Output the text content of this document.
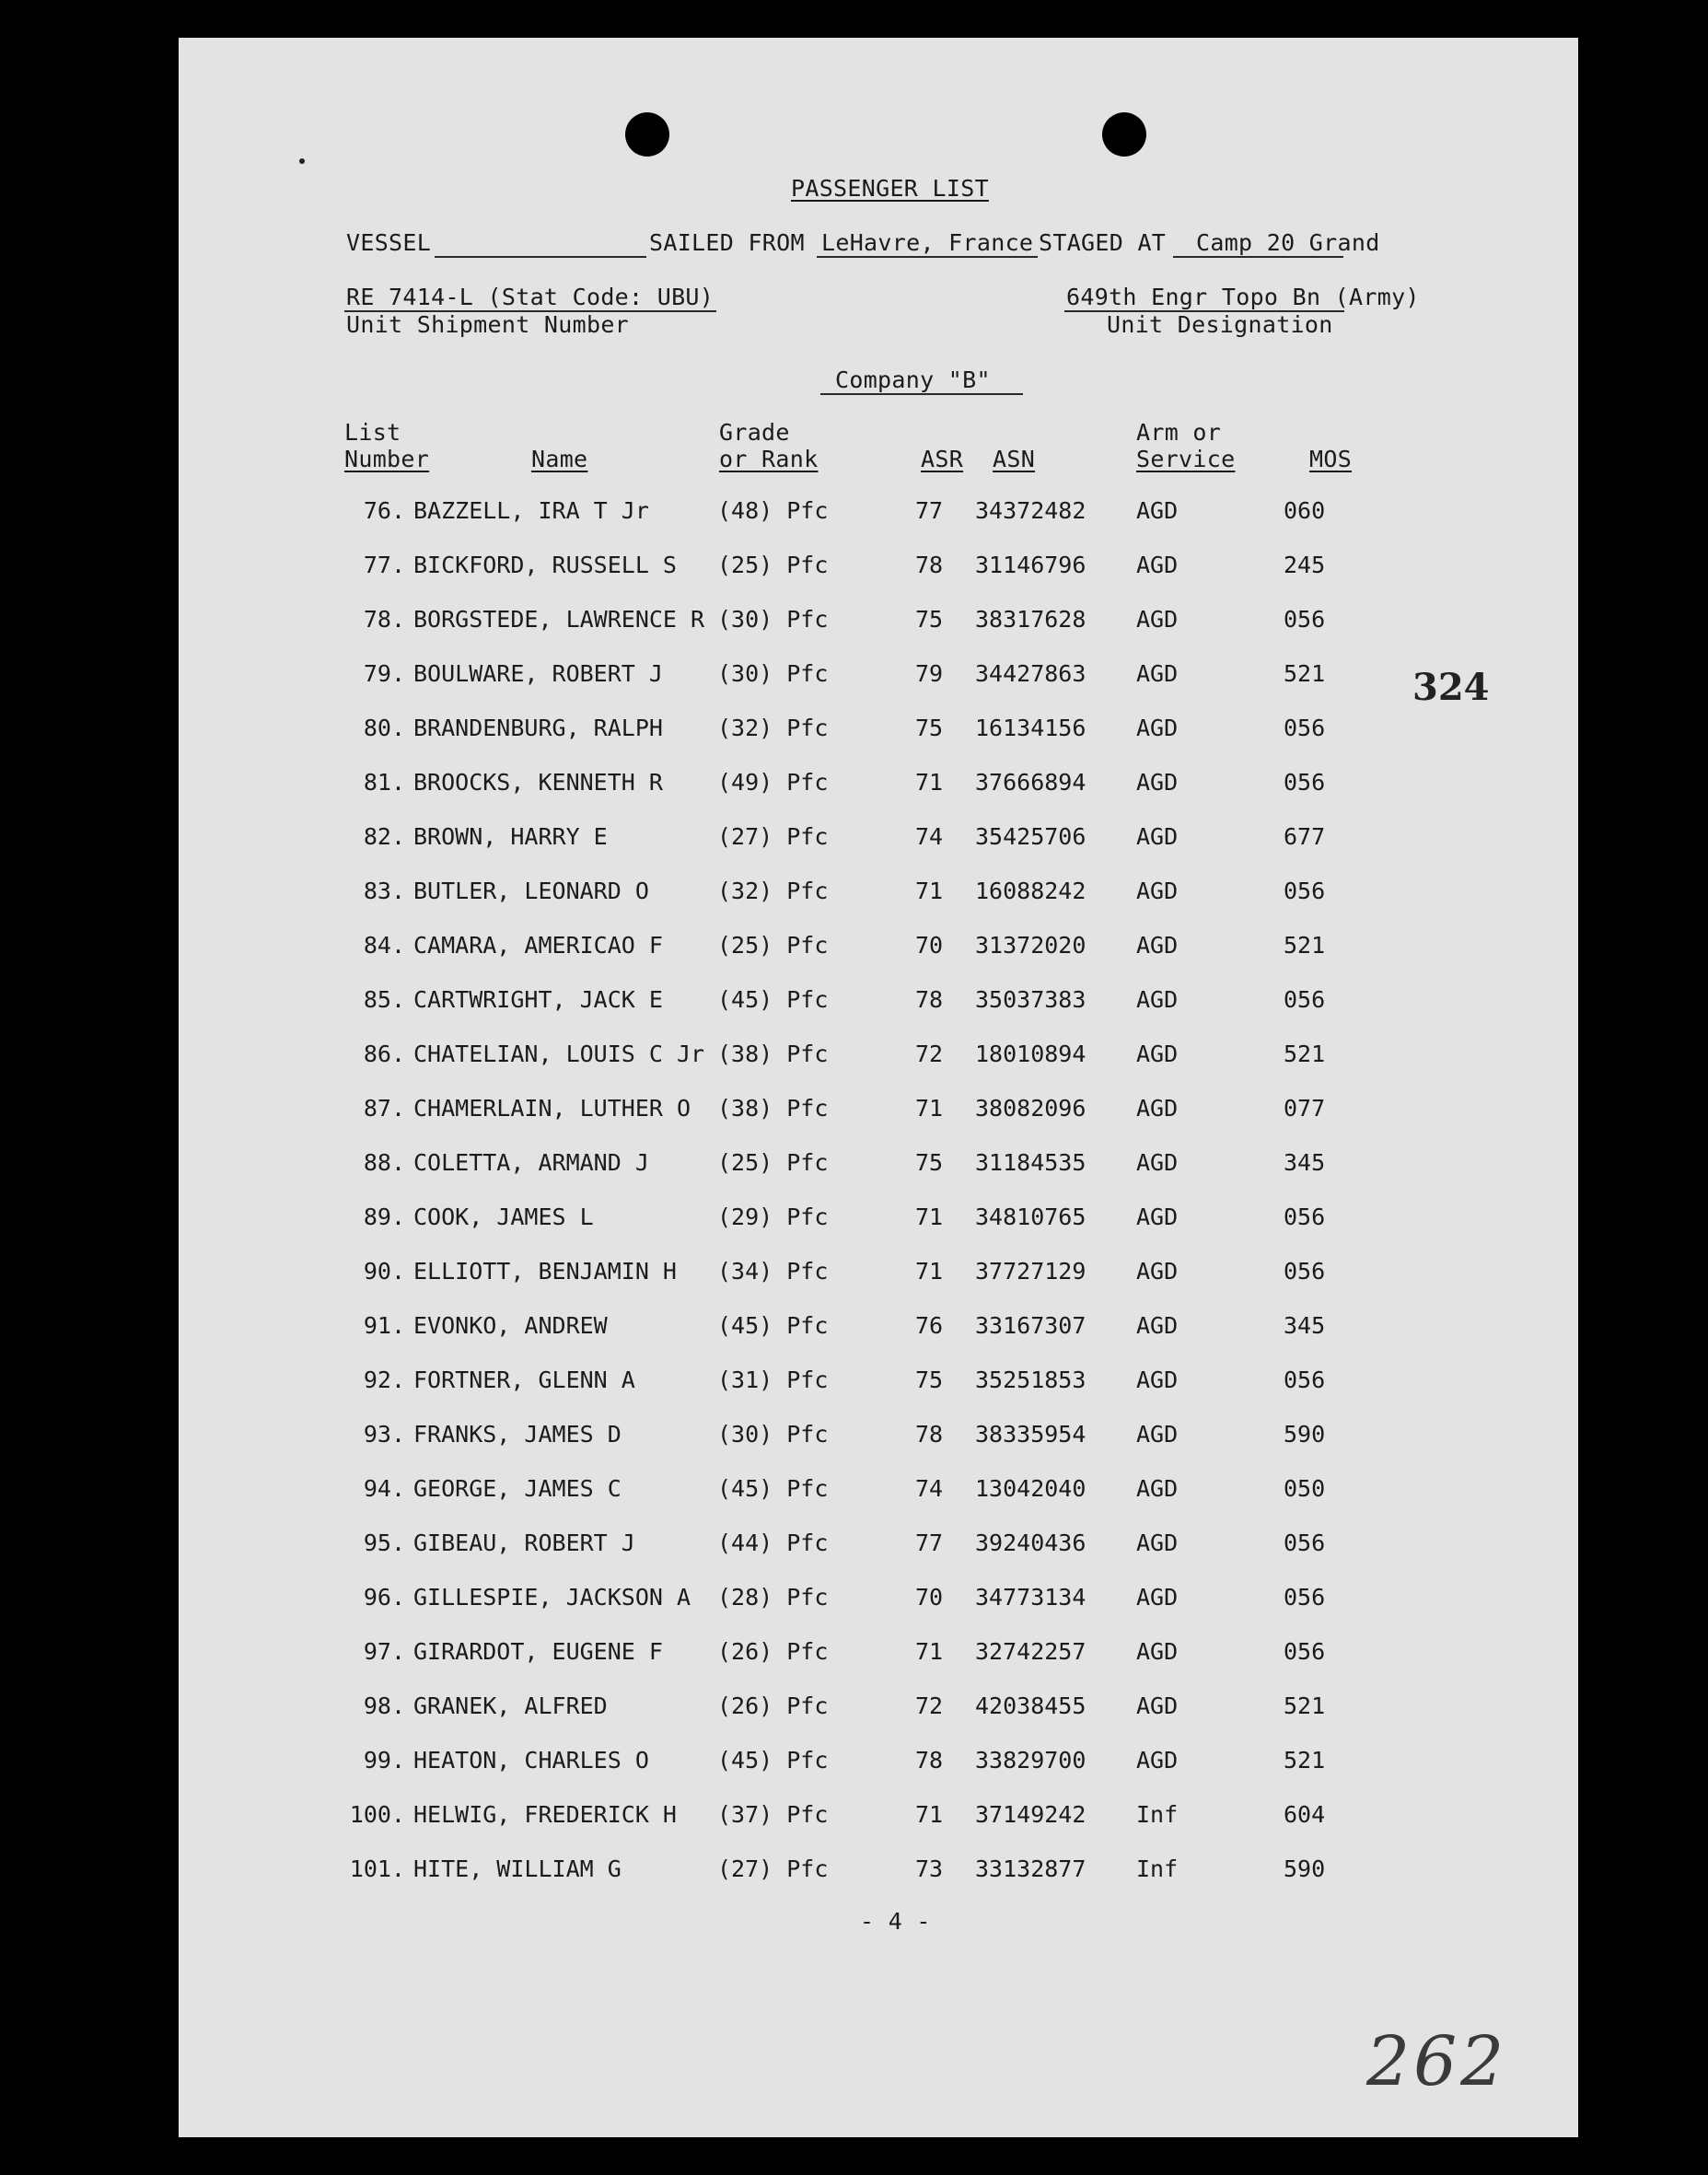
PASSENGER LIST
VESSEL	SAILED FROM LeHavre, France STAGED AT Camp 20 Grand
RE 7414-L (Stat Code: UBU)
Unit Shipment Number
649th Engr Topo Bn (Army)
Unit Designation
Company "B"
List
Number	Name
Grade
or Rank	ASR ASN
Arm or
Service	MOS
76. BAZZELL, IRA T Jr	(48) Pfc	77	34372482 AGD	060
77. BICKFORD, RUSSELL S (25) Pfc	78	31146796 AGD	245
78. BORGSTEDE, LAWRENCE R (30) Pfc	75	38317628 AGD	056
79. BOULWARE, ROBERT J (30) Pfc	79	34427863 AGD	521
80. BRANDENBURG, RALPH (32) Pfc	75	16134156 AGD	056
81. BROOCKS, KENNETH R (49) Pfc	71	37666894 AGD	056
82. BROWN, HARRY E	(27) Pfc	74	35425706 AGD	677
83. BUTLER, LEONARD O	(32) Pfc	71	16088242 AGD	056
84. CAMARA, AMERICAO F (25) Pfc	70	31372020 AGD	521
85. CARTWRIGHT, JACK E (45) Pfc	78	35037383 AGD	056
86. CHATELIAN, LOUIS C Jr (38) Pfc	72	18010894 AGD	521
87. CHAMERLAIN, LUTHER O (38) Pfc	71	38082096 AGD	077
88. COLETTA, ARMAND J	(25) Pfc	75	31184535 AGD	345
89. COOK, JAMES L	(29) Pfc	71	34810765 AGD	056
90. ELLIOTT, BENJAMIN H (34) Pfc	71	37727129 AGD	056
91. EVONKO, ANDREW	(45) Pfc	76	33167307 AGD	345
92. FORTNER, GLENN A	(31) Pfc	75	35251853 AGD	056
93. FRANKS, JAMES D	(30) Pfc	78	38335954 AGD	590
94. GEORGE, JAMES C	(45) Pfc	74	13042040 AGD	050
95. GIBEAU, ROBERT J	(44) Pfc	77	39240436 AGD	056
96. GILLESPIE, JACKSON A (28) Pfc	70	34773134 AGD	056
97. GIRARDOT, EUGENE F (26) Pfc	71	32742257 AGD	056
98. GRANEK, ALFRED	(26) Pfc	72	42038455 AGD	521
99. HEATON, CHARLES O	(45) Pfc	78	33829700 AGD	521
100. HELWIG, FREDERICK H (37) Pfc	71	37149242 Inf	604
101. HITE, WILLIAM G	(27) Pfc	73	33132877 Inf	590
- 4 -
324
262
